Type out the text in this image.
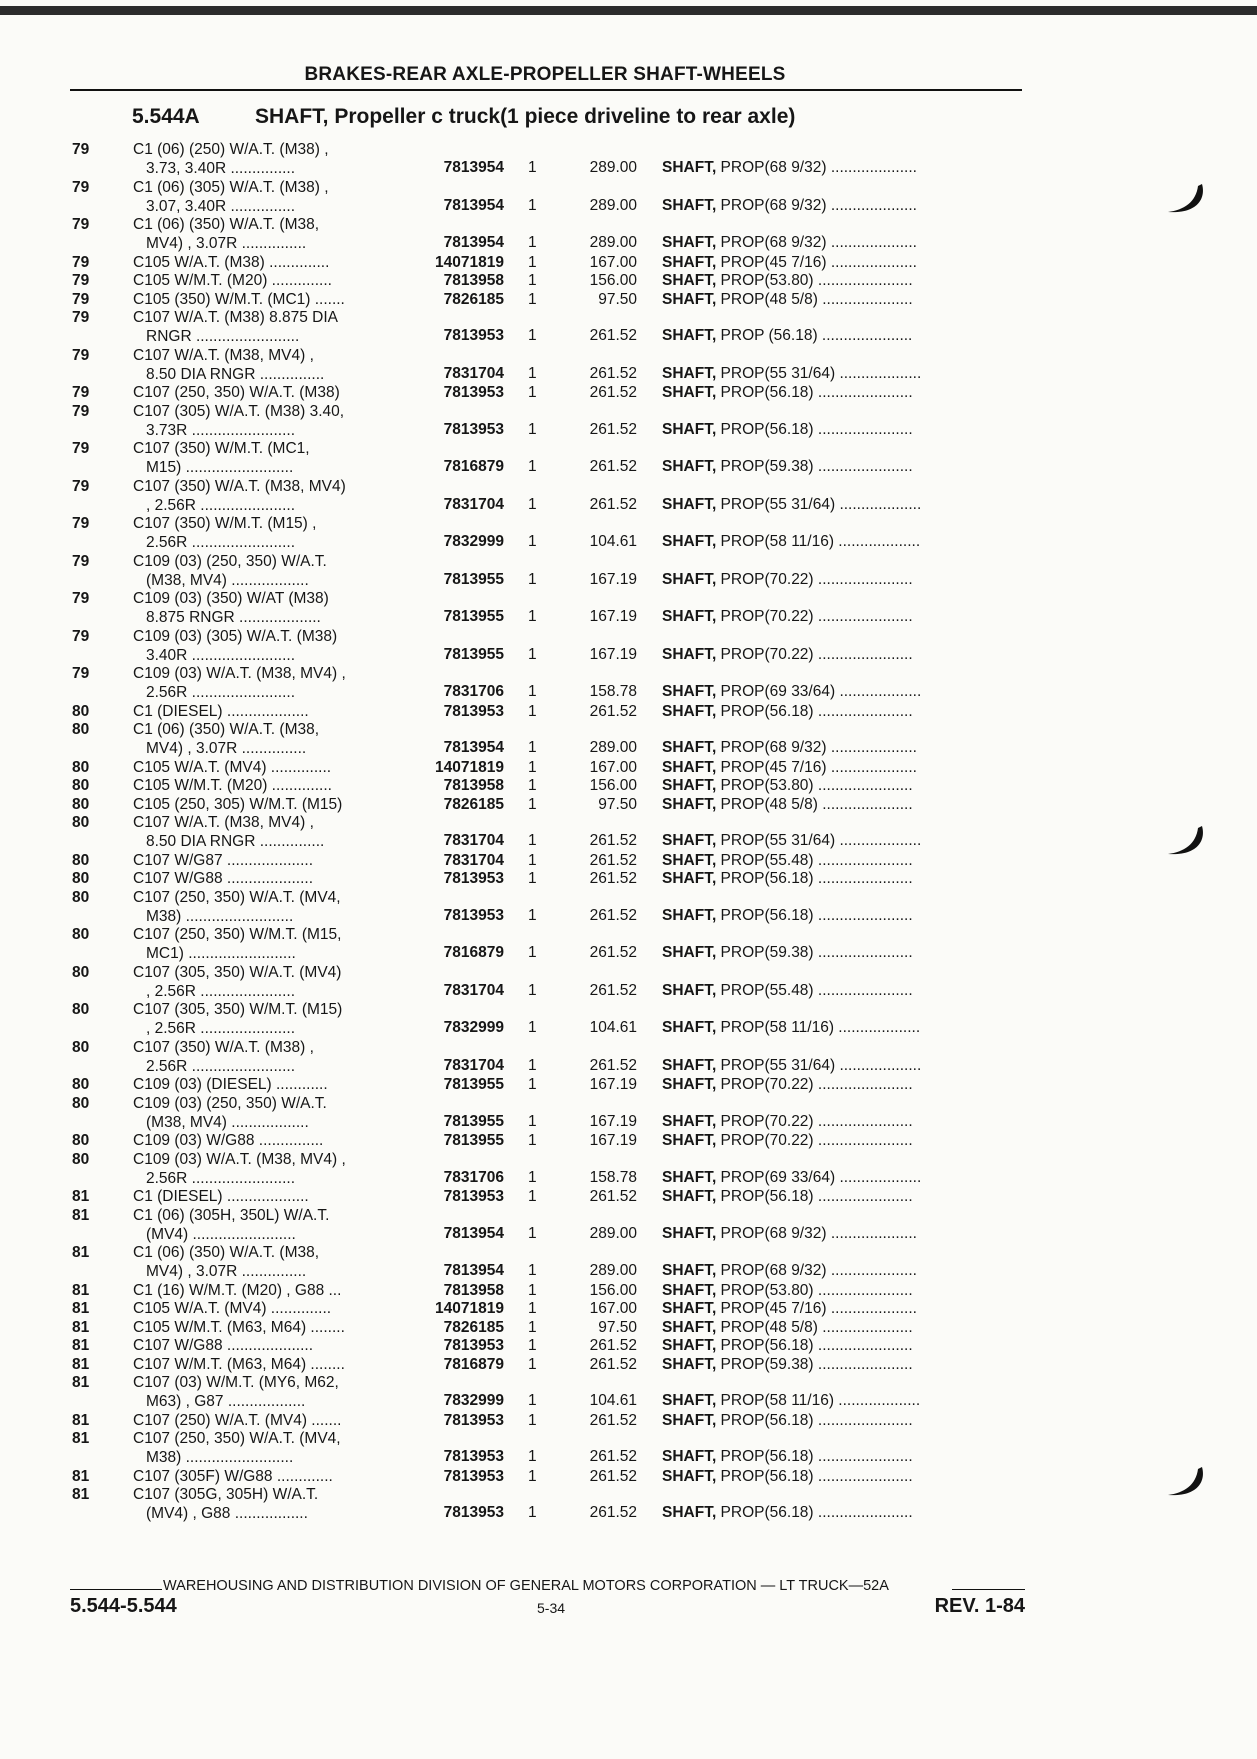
BRAKES-REAR AXLE-PROPELLER SHAFT-WHEELS
5.544A	SHAFT, Propeller c truck(1 piece driveline to rear axle)
79	C1 (06) (250) W/A.T. (M38) ,
3.73, 3.40R ...............	7813954 1	289.00 SHAFT, PROP(68 9/32) ....................
79	C1 (06) (305) W/A.T. (M38) ,
3.07, 3.40R ...............	7813954 1	289.00 SHAFT, PROP(68 9/32) ....................
79	C1 (06) (350) W/A.T. (M38,
MV4) , 3.07R ...............	7813954 1	289.00 SHAFT, PROP(68 9/32) ....................
79	C105 W/A.T. (M38) ..............	14071819 1	167.00 SHAFT, PROP(45 7/16) ....................
79	C105 W/M.T. (M20) ..............	7813958 1	156.00 SHAFT, PROP(53.80) ......................
79	C105 (350) W/M.T. (MC1) .......	7826185 1	97.50 SHAFT, PROP(48 5/8) .....................
79	C107 W/A.T. (M38) 8.875 DIA
RNGR ........................	7813953 1	261.52 SHAFT, PROP (56.18) .....................
79	C107 W/A.T. (M38, MV4) ,
8.50 DIA RNGR ...............	7831704 1	261.52 SHAFT, PROP(55 31/64) ...................
79	C107 (250, 350) W/A.T. (M38)	7813953 1	261.52 SHAFT, PROP(56.18) ......................
79	C107 (305) W/A.T. (M38) 3.40,
3.73R ........................	7813953 1	261.52 SHAFT, PROP(56.18) ......................
79	C107 (350) W/M.T. (MC1,
M15) .........................	7816879 1	261.52 SHAFT, PROP(59.38) ......................
79	C107 (350) W/A.T. (M38, MV4)
, 2.56R ......................	7831704 1	261.52 SHAFT, PROP(55 31/64) ...................
79	C107 (350) W/M.T. (M15) ,
2.56R ........................	7832999 1	104.61 SHAFT, PROP(58 11/16) ...................
79	C109 (03) (250, 350) W/A.T.
(M38, MV4) ..................	7813955 1	167.19 SHAFT, PROP(70.22) ......................
79	C109 (03) (350) W/AT (M38)
8.875 RNGR ...................	7813955 1	167.19 SHAFT, PROP(70.22) ......................
79	C109 (03) (305) W/A.T. (M38)
3.40R ........................	7813955 1	167.19 SHAFT, PROP(70.22) ......................
79	C109 (03) W/A.T. (M38, MV4) ,
2.56R ........................	7831706 1	158.78 SHAFT, PROP(69 33/64) ...................
80	C1 (DIESEL) ...................	7813953 1	261.52 SHAFT, PROP(56.18) ......................
80	C1 (06) (350) W/A.T. (M38,
MV4) , 3.07R ...............	7813954 1	289.00 SHAFT, PROP(68 9/32) ....................
80	C105 W/A.T. (MV4) ..............	14071819 1	167.00 SHAFT, PROP(45 7/16) ....................
80	C105 W/M.T. (M20) ..............	7813958 1	156.00 SHAFT, PROP(53.80) ......................
80	C105 (250, 305) W/M.T. (M15)	7826185 1	97.50 SHAFT, PROP(48 5/8) .....................
80	C107 W/A.T. (M38, MV4) ,
8.50 DIA RNGR ...............	7831704 1	261.52 SHAFT, PROP(55 31/64) ...................
80	C107 W/G87 ....................	7831704 1	261.52 SHAFT, PROP(55.48) ......................
80	C107 W/G88 ....................	7813953 1	261.52 SHAFT, PROP(56.18) ......................
80	C107 (250, 350) W/A.T. (MV4,
M38) .........................	7813953 1	261.52 SHAFT, PROP(56.18) ......................
80	C107 (250, 350) W/M.T. (M15,
MC1) .........................	7816879 1	261.52 SHAFT, PROP(59.38) ......................
80	C107 (305, 350) W/A.T. (MV4)
, 2.56R ......................	7831704 1	261.52 SHAFT, PROP(55.48) ......................
80	C107 (305, 350) W/M.T. (M15)
, 2.56R ......................	7832999 1	104.61 SHAFT, PROP(58 11/16) ...................
80	C107 (350) W/A.T. (M38) ,
2.56R ........................	7831704 1	261.52 SHAFT, PROP(55 31/64) ...................
80	C109 (03) (DIESEL) ............	7813955 1	167.19 SHAFT, PROP(70.22) ......................
80	C109 (03) (250, 350) W/A.T.
(M38, MV4) ..................	7813955 1	167.19 SHAFT, PROP(70.22) ......................
80	C109 (03) W/G88 ...............	7813955 1	167.19 SHAFT, PROP(70.22) ......................
80	C109 (03) W/A.T. (M38, MV4) ,
2.56R ........................	7831706 1	158.78 SHAFT, PROP(69 33/64) ...................
81	C1 (DIESEL) ...................	7813953 1	261.52 SHAFT, PROP(56.18) ......................
81	C1 (06) (305H, 350L) W/A.T.
(MV4) ........................	7813954 1	289.00 SHAFT, PROP(68 9/32) ....................
81	C1 (06) (350) W/A.T. (M38,
MV4) , 3.07R ...............	7813954 1	289.00 SHAFT, PROP(68 9/32) ....................
81	C1 (16) W/M.T. (M20) , G88 ...	7813958 1	156.00 SHAFT, PROP(53.80) ......................
81	C105 W/A.T. (MV4) ..............	14071819 1	167.00 SHAFT, PROP(45 7/16) ....................
81	C105 W/M.T. (M63, M64) ........	7826185 1	97.50 SHAFT, PROP(48 5/8) .....................
81	C107 W/G88 ....................	7813953 1	261.52 SHAFT, PROP(56.18) ......................
81	C107 W/M.T. (M63, M64) ........	7816879 1	261.52 SHAFT, PROP(59.38) ......................
81	C107 (03) W/M.T. (MY6, M62,
M63) , G87 ..................	7832999 1	104.61 SHAFT, PROP(58 11/16) ...................
81	C107 (250) W/A.T. (MV4) .......	7813953 1	261.52 SHAFT, PROP(56.18) ......................
81	C107 (250, 350) W/A.T. (MV4,
M38) .........................	7813953 1	261.52 SHAFT, PROP(56.18) ......................
81	C107 (305F) W/G88 .............	7813953 1	261.52 SHAFT, PROP(56.18) ......................
81	C107 (305G, 305H) W/A.T.
(MV4) , G88 .................	7813953 1	261.52 SHAFT, PROP(56.18) ......................
WAREHOUSING AND DISTRIBUTION DIVISION OF GENERAL MOTORS CORPORATION — LT TRUCK—52A
5.544-5.544	5-34	REV. 1-84
